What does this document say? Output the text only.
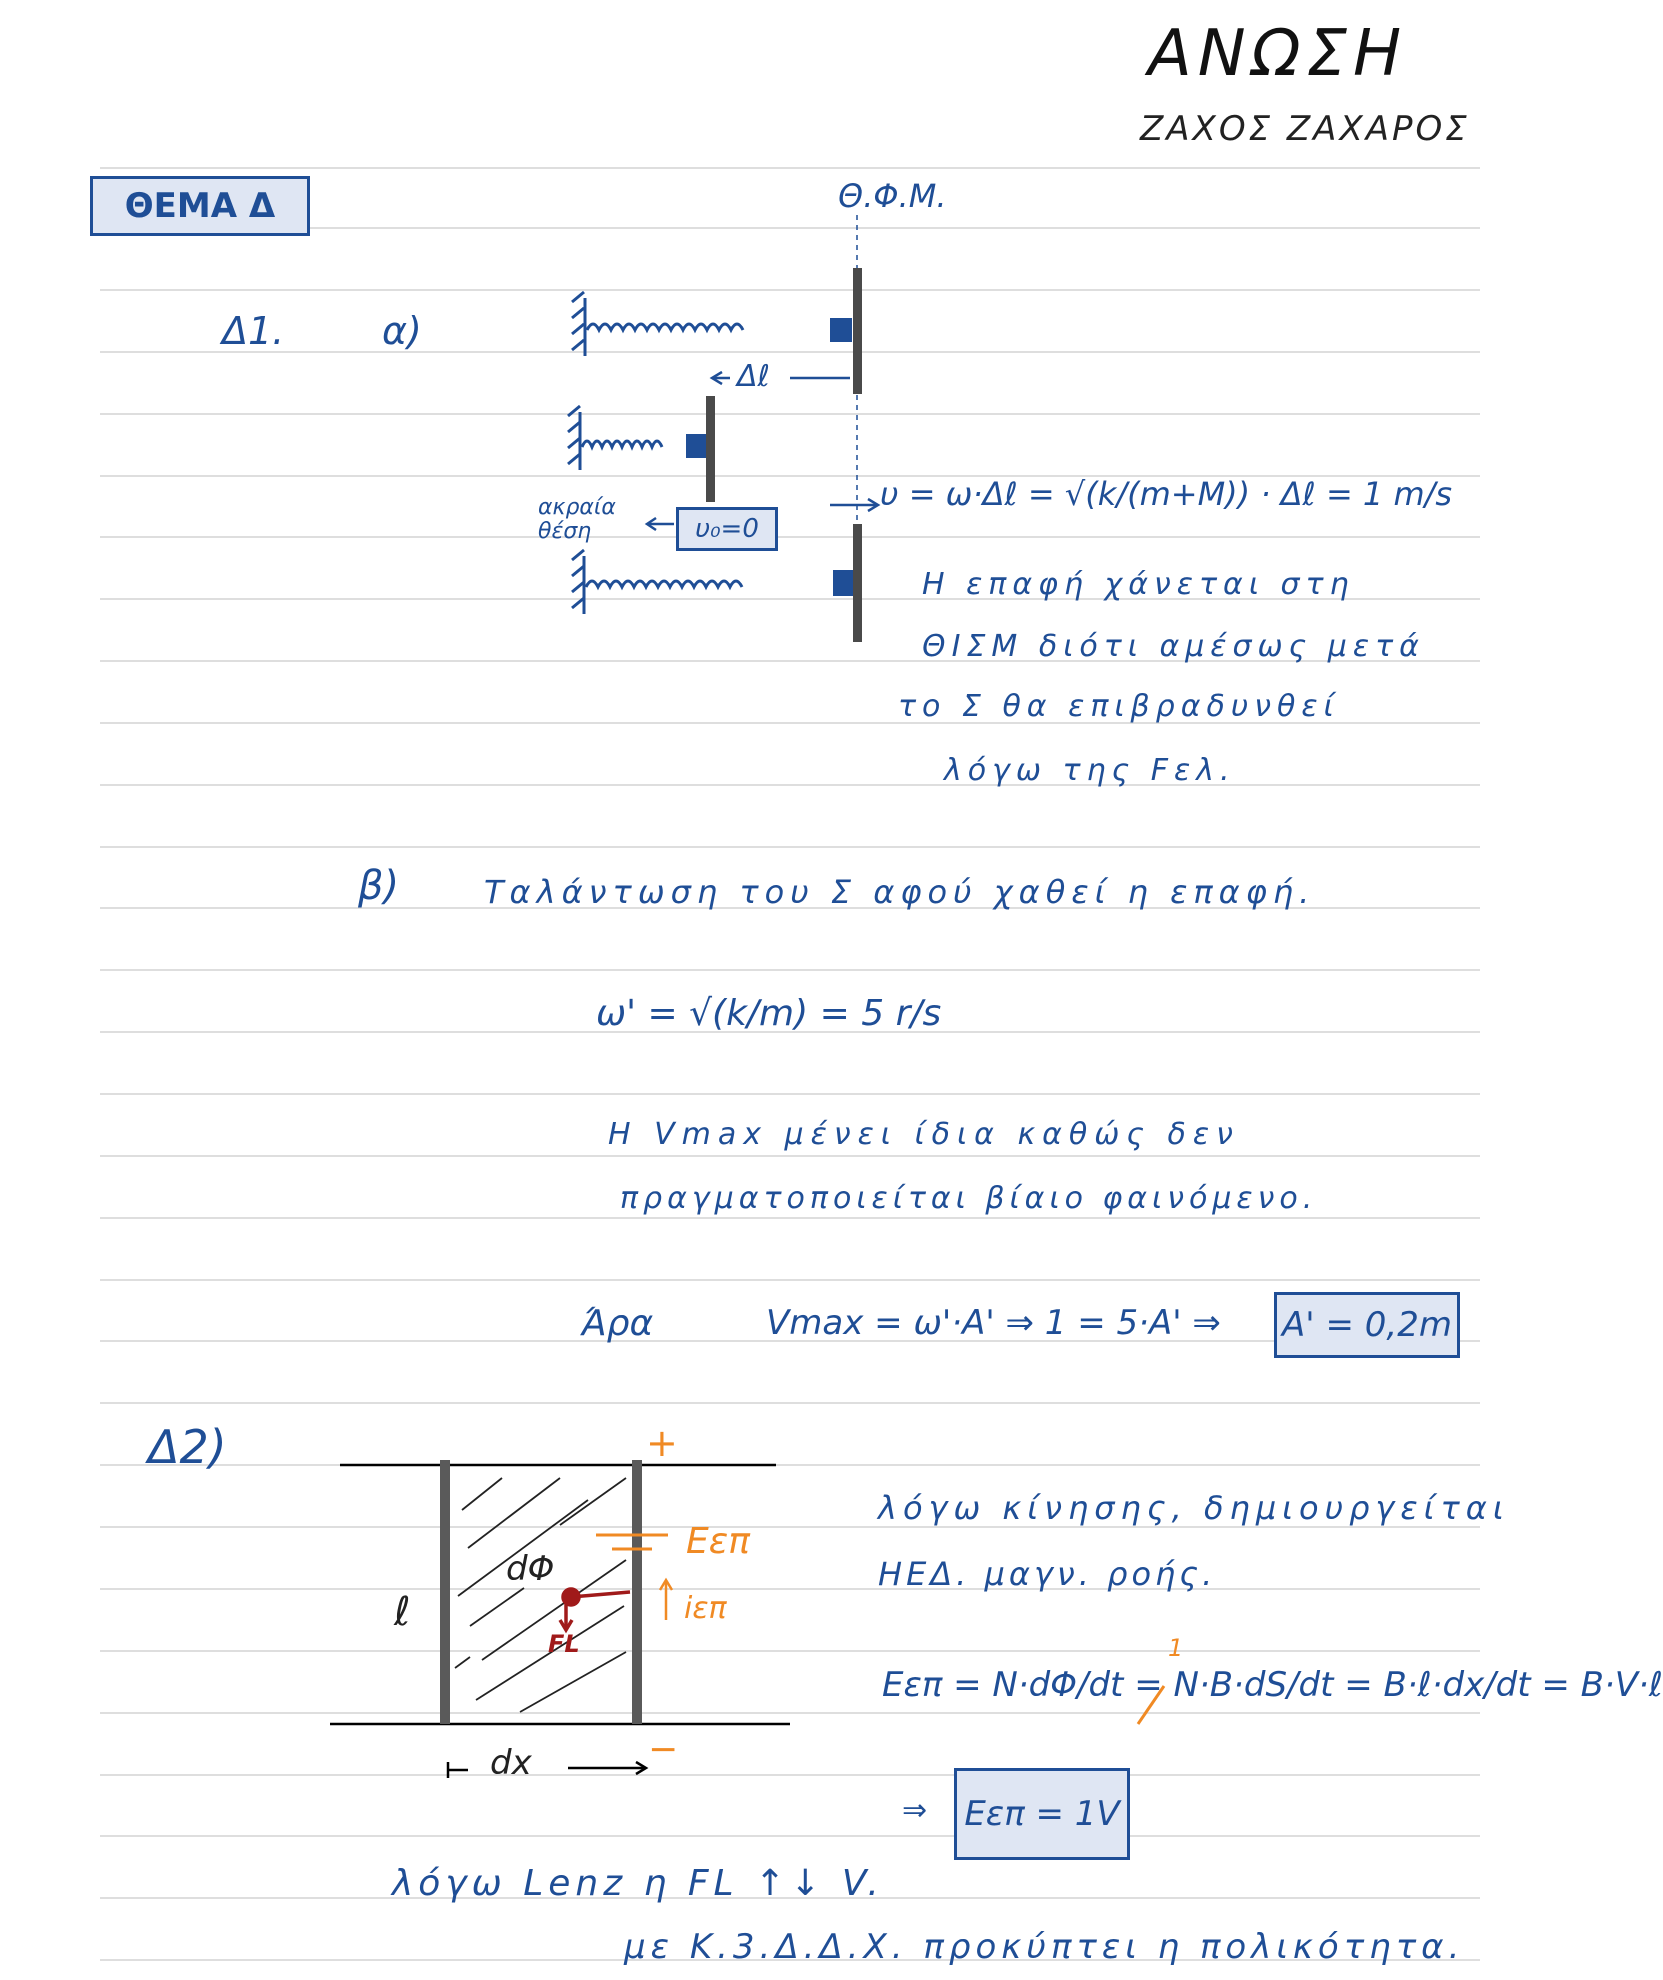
ΑΝΩΣΗ
ΖΑΧΟΣ ΖΑΧΑΡΟΣ
ΘΕΜΑ Δ	Θ.Φ.Μ.
Δ1.	α)
Δℓ
ακραία θέση	υ₀=0
υ = ω·Δℓ = √(k/(m+M)) · Δℓ = 1 m/s
Η επαφή χάνεται στη
ΘΙΣΜ διότι αμέσως μετά
το Σ θα επιβραδυνθεί
λόγω της Fελ.
β)	Ταλάντωση του Σ αφού χαθεί η επαφή.
ω' = √(k/m) = 5 r/s
Η Vmax μένει ίδια καθώς δεν
πραγματοποιείται βίαιο φαινόμενο.
Άρα	Vmax = ω'·A' ⇒ 1 = 5·A' ⇒ A' = 0,2m
Δ2)	+
−
Εεπ
iεπ
dΦ
ℓ
FL
dx
λόγω κίνησης, δημιουργείται
ΗΕΔ. μαγν. ροής.
Εεπ = N·dΦ/dt = N·B·dS/dt = B·ℓ·dx/dt = B·V·ℓ
1
⇒ Εεπ = 1V
λόγω Lenz η FL ↑↓ V.
με Κ.3.Δ.Δ.Χ. προκύπτει η πολικότητα.
